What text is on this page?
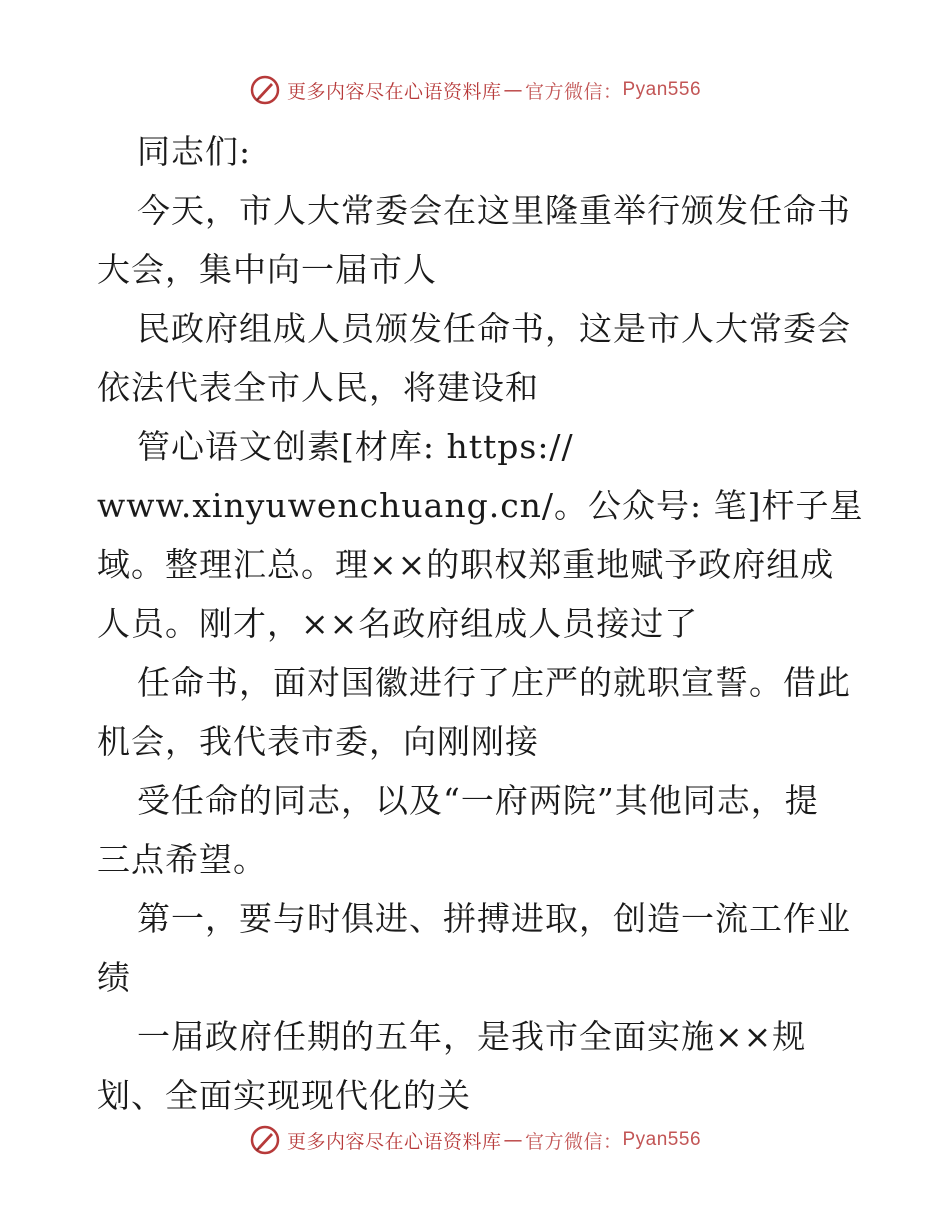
更多内容尽在心语资料库 — 官方微信： Pyan556
同志们:
今天，市人大常委会在这里隆重举行颁发任命书
大会，集中向一届市人
民政府组成人员颁发任命书，这是市人大常委会
依法代表全市人民，将建设和
管心语文创素[材库: https://
www.xinyuwenchuang.cn/。公众号: 笔]杆子星
域。整理汇总。理××的职权郑重地赋予政府组成
人员。刚才，××名政府组成人员接过了
任命书，面对国徽进行了庄严的就职宣誓。借此
机会，我代表市委，向刚刚接
受任命的同志，以及“一府两院”其他同志，提
三点希望。
第一，要与时俱进、拼搏进取，创造一流工作业
绩
一届政府任期的五年，是我市全面实施××规
划、全面实现现代化的关
更多内容尽在心语资料库 — 官方微信： Pyan556
